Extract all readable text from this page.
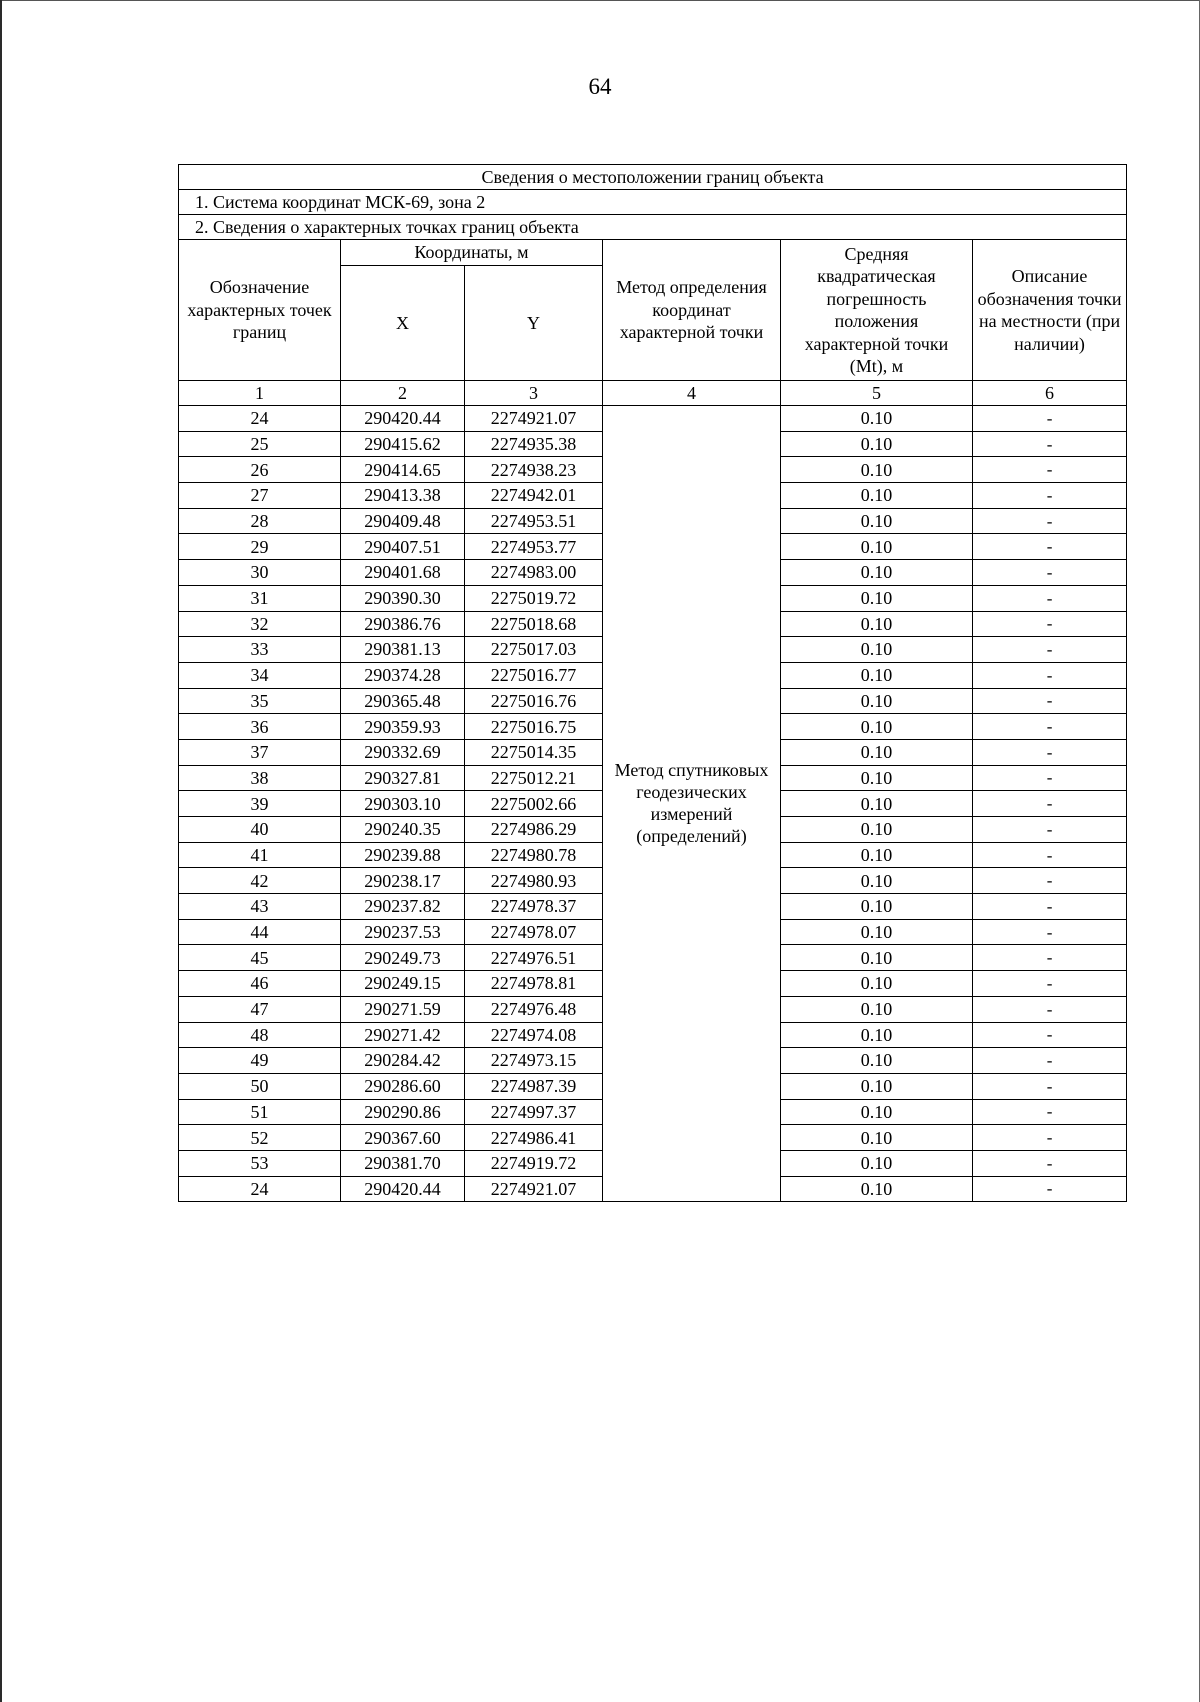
64
Сведения о местоположении границ объекта					
1. Система координат МСК-69, зона 2					
2. Сведения о характерных точках границ объекта					
Обозначение характерных точек границ	Координаты, м		Метод определения координат характерной точки	Средняя квадратическая погрешность положения характерной точки (Mt), м	Описание обозначения точки на местности (при наличии)
	X	Y			
1	2	3	4	5	6
24	290420.44	2274921.07	Метод спутниковых геодезических измерений (определений)	0.10	-
25	290415.62	2274935.38		0.10	-
26	290414.65	2274938.23		0.10	-
27	290413.38	2274942.01		0.10	-
28	290409.48	2274953.51		0.10	-
29	290407.51	2274953.77		0.10	-
30	290401.68	2274983.00		0.10	-
31	290390.30	2275019.72		0.10	-
32	290386.76	2275018.68		0.10	-
33	290381.13	2275017.03		0.10	-
34	290374.28	2275016.77		0.10	-
35	290365.48	2275016.76		0.10	-
36	290359.93	2275016.75		0.10	-
37	290332.69	2275014.35		0.10	-
38	290327.81	2275012.21		0.10	-
39	290303.10	2275002.66		0.10	-
40	290240.35	2274986.29		0.10	-
41	290239.88	2274980.78		0.10	-
42	290238.17	2274980.93		0.10	-
43	290237.82	2274978.37		0.10	-
44	290237.53	2274978.07		0.10	-
45	290249.73	2274976.51		0.10	-
46	290249.15	2274978.81		0.10	-
47	290271.59	2274976.48		0.10	-
48	290271.42	2274974.08		0.10	-
49	290284.42	2274973.15		0.10	-
50	290286.60	2274987.39		0.10	-
51	290290.86	2274997.37		0.10	-
52	290367.60	2274986.41		0.10	-
53	290381.70	2274919.72		0.10	-
24	290420.44	2274921.07		0.10	-
